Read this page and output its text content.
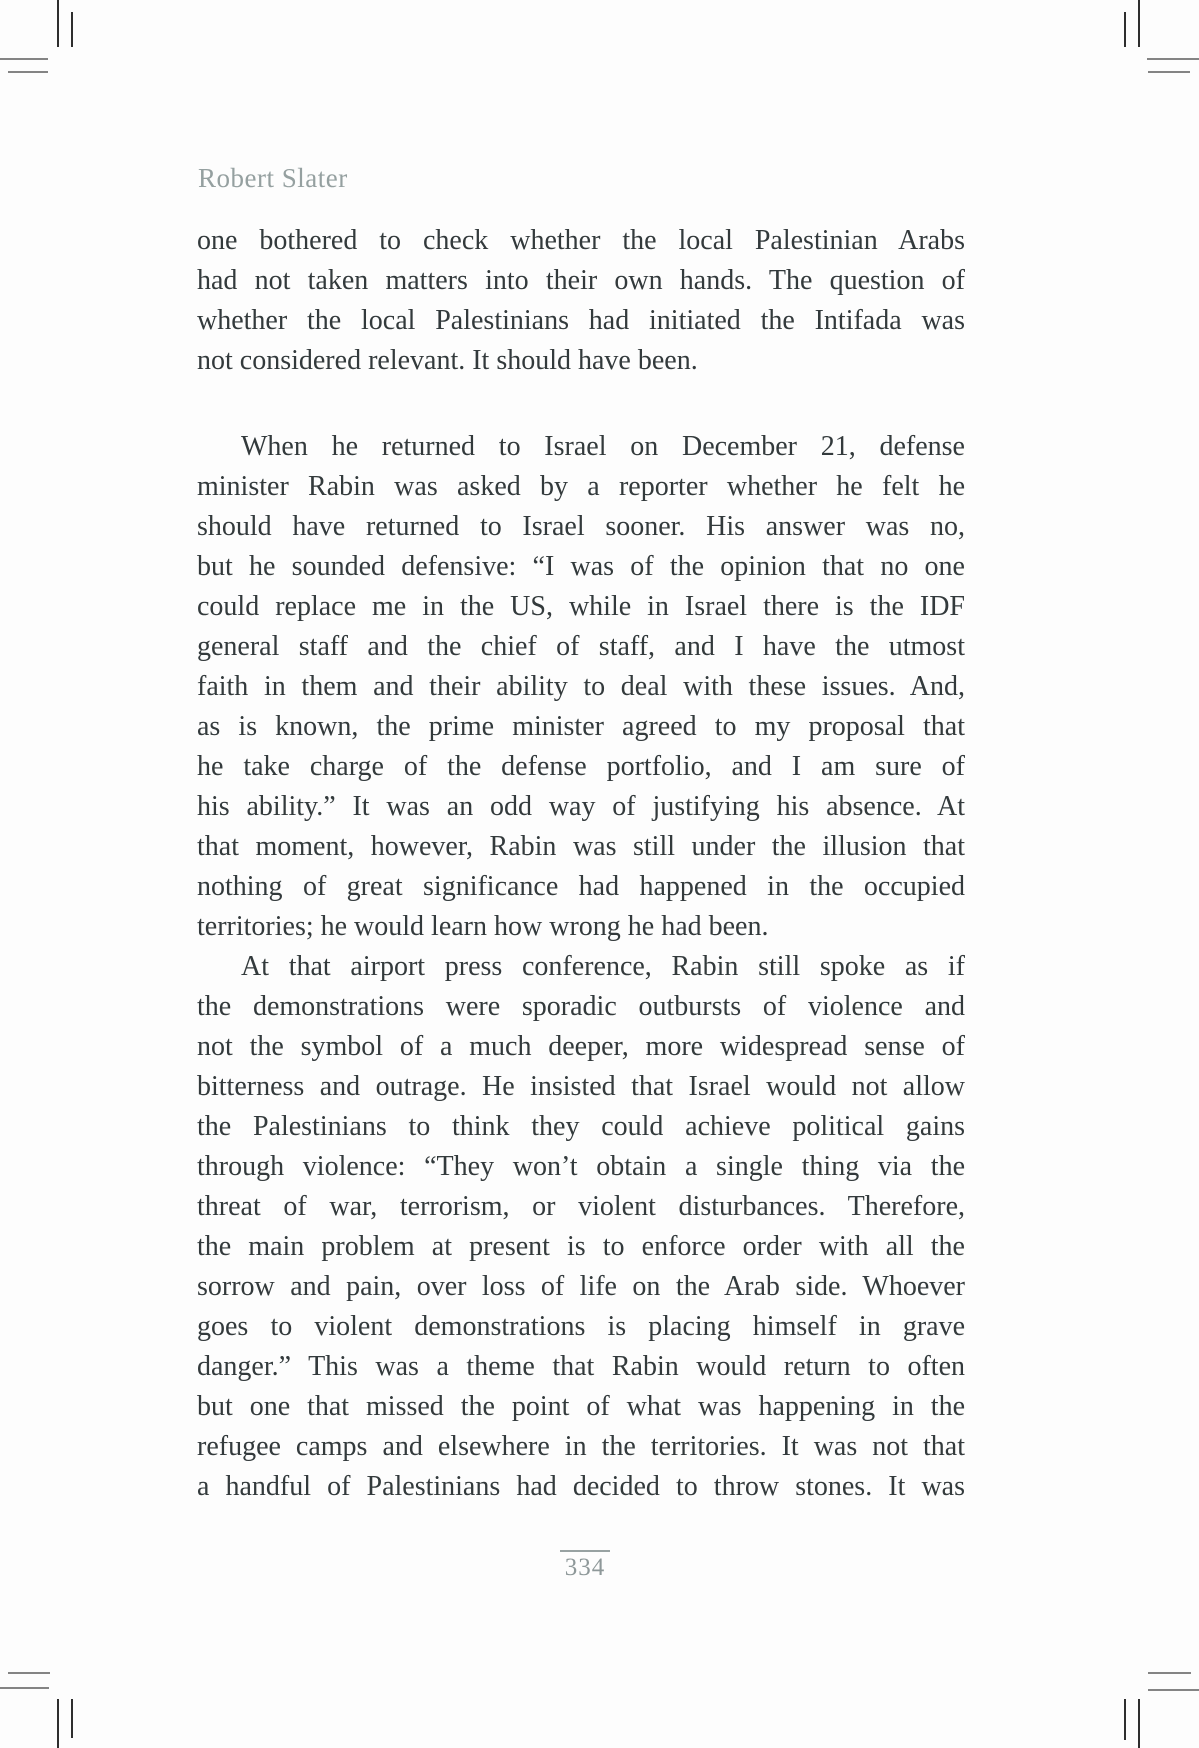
Robert Slater
one bothered to check whether the local Palestinian Arabs
had not taken matters into their own hands. The question of
whether the local Palestinians had initiated the Intifada was
not considered relevant. It should have been.
When he returned to Israel on December 21, defense
minister Rabin was asked by a reporter whether he felt he
should have returned to Israel sooner. His answer was no,
but he sounded defensive: “I was of the opinion that no one
could replace me in the US, while in Israel there is the IDF
general staff and the chief of staff, and I have the utmost
faith in them and their ability to deal with these issues. And,
as is known, the prime minister agreed to my proposal that
he take charge of the defense portfolio, and I am sure of
his ability.” It was an odd way of justifying his absence. At
that moment, however, Rabin was still under the illusion that
nothing of great significance had happened in the occupied
territories; he would learn how wrong he had been.
At that airport press conference, Rabin still spoke as if
the demonstrations were sporadic outbursts of violence and
not the symbol of a much deeper, more widespread sense of
bitterness and outrage. He insisted that Israel would not allow
the Palestinians to think they could achieve political gains
through violence: “They won’t obtain a single thing via the
threat of war, terrorism, or violent disturbances. Therefore,
the main problem at present is to enforce order with all the
sorrow and pain, over loss of life on the Arab side. Whoever
goes to violent demonstrations is placing himself in grave
danger.” This was a theme that Rabin would return to often
but one that missed the point of what was happening in the
refugee camps and elsewhere in the territories. It was not that
a handful of Palestinians had decided to throw stones. It was
334
